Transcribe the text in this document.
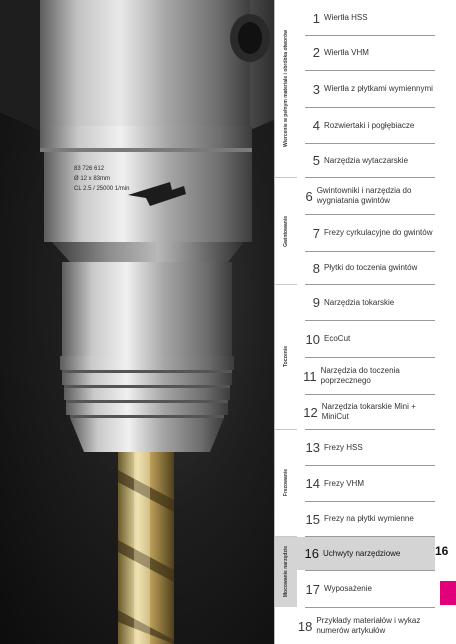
83 726 612
Ø 12 x 83mm
CL 2.5 / 25000 1/min
Wiercenie w pełnym materiale i obróbka otworów
Gwintowanie
Toczenie
Frezowanie
Mocowanie narzędzie
1 Wiertła HSS
2 Wiertła VHM
3 Wiertła z płytkami wymiennymi
4 Rozwiertaki i pogłębiacze
5 Narzędzia wytaczarskie
6 Gwintowniki i narzędzia do wygniatania gwintów
7 Frezy cyrkulacyjne do gwintów
8 Płytki do toczenia gwintów
9 Narzędzia tokarskie
10 EcoCut
11 Narzędzia do toczenia poprzecznego
12 Narzędzia tokarskie Mini + MiniCut
13 Frezy HSS
14 Frezy VHM
15 Frezy na płytki wymienne
16 Uchwyty narzędziowe
17 Wyposażenie
18 Przykłady materiałów i wykaz numerów artykułów
16
